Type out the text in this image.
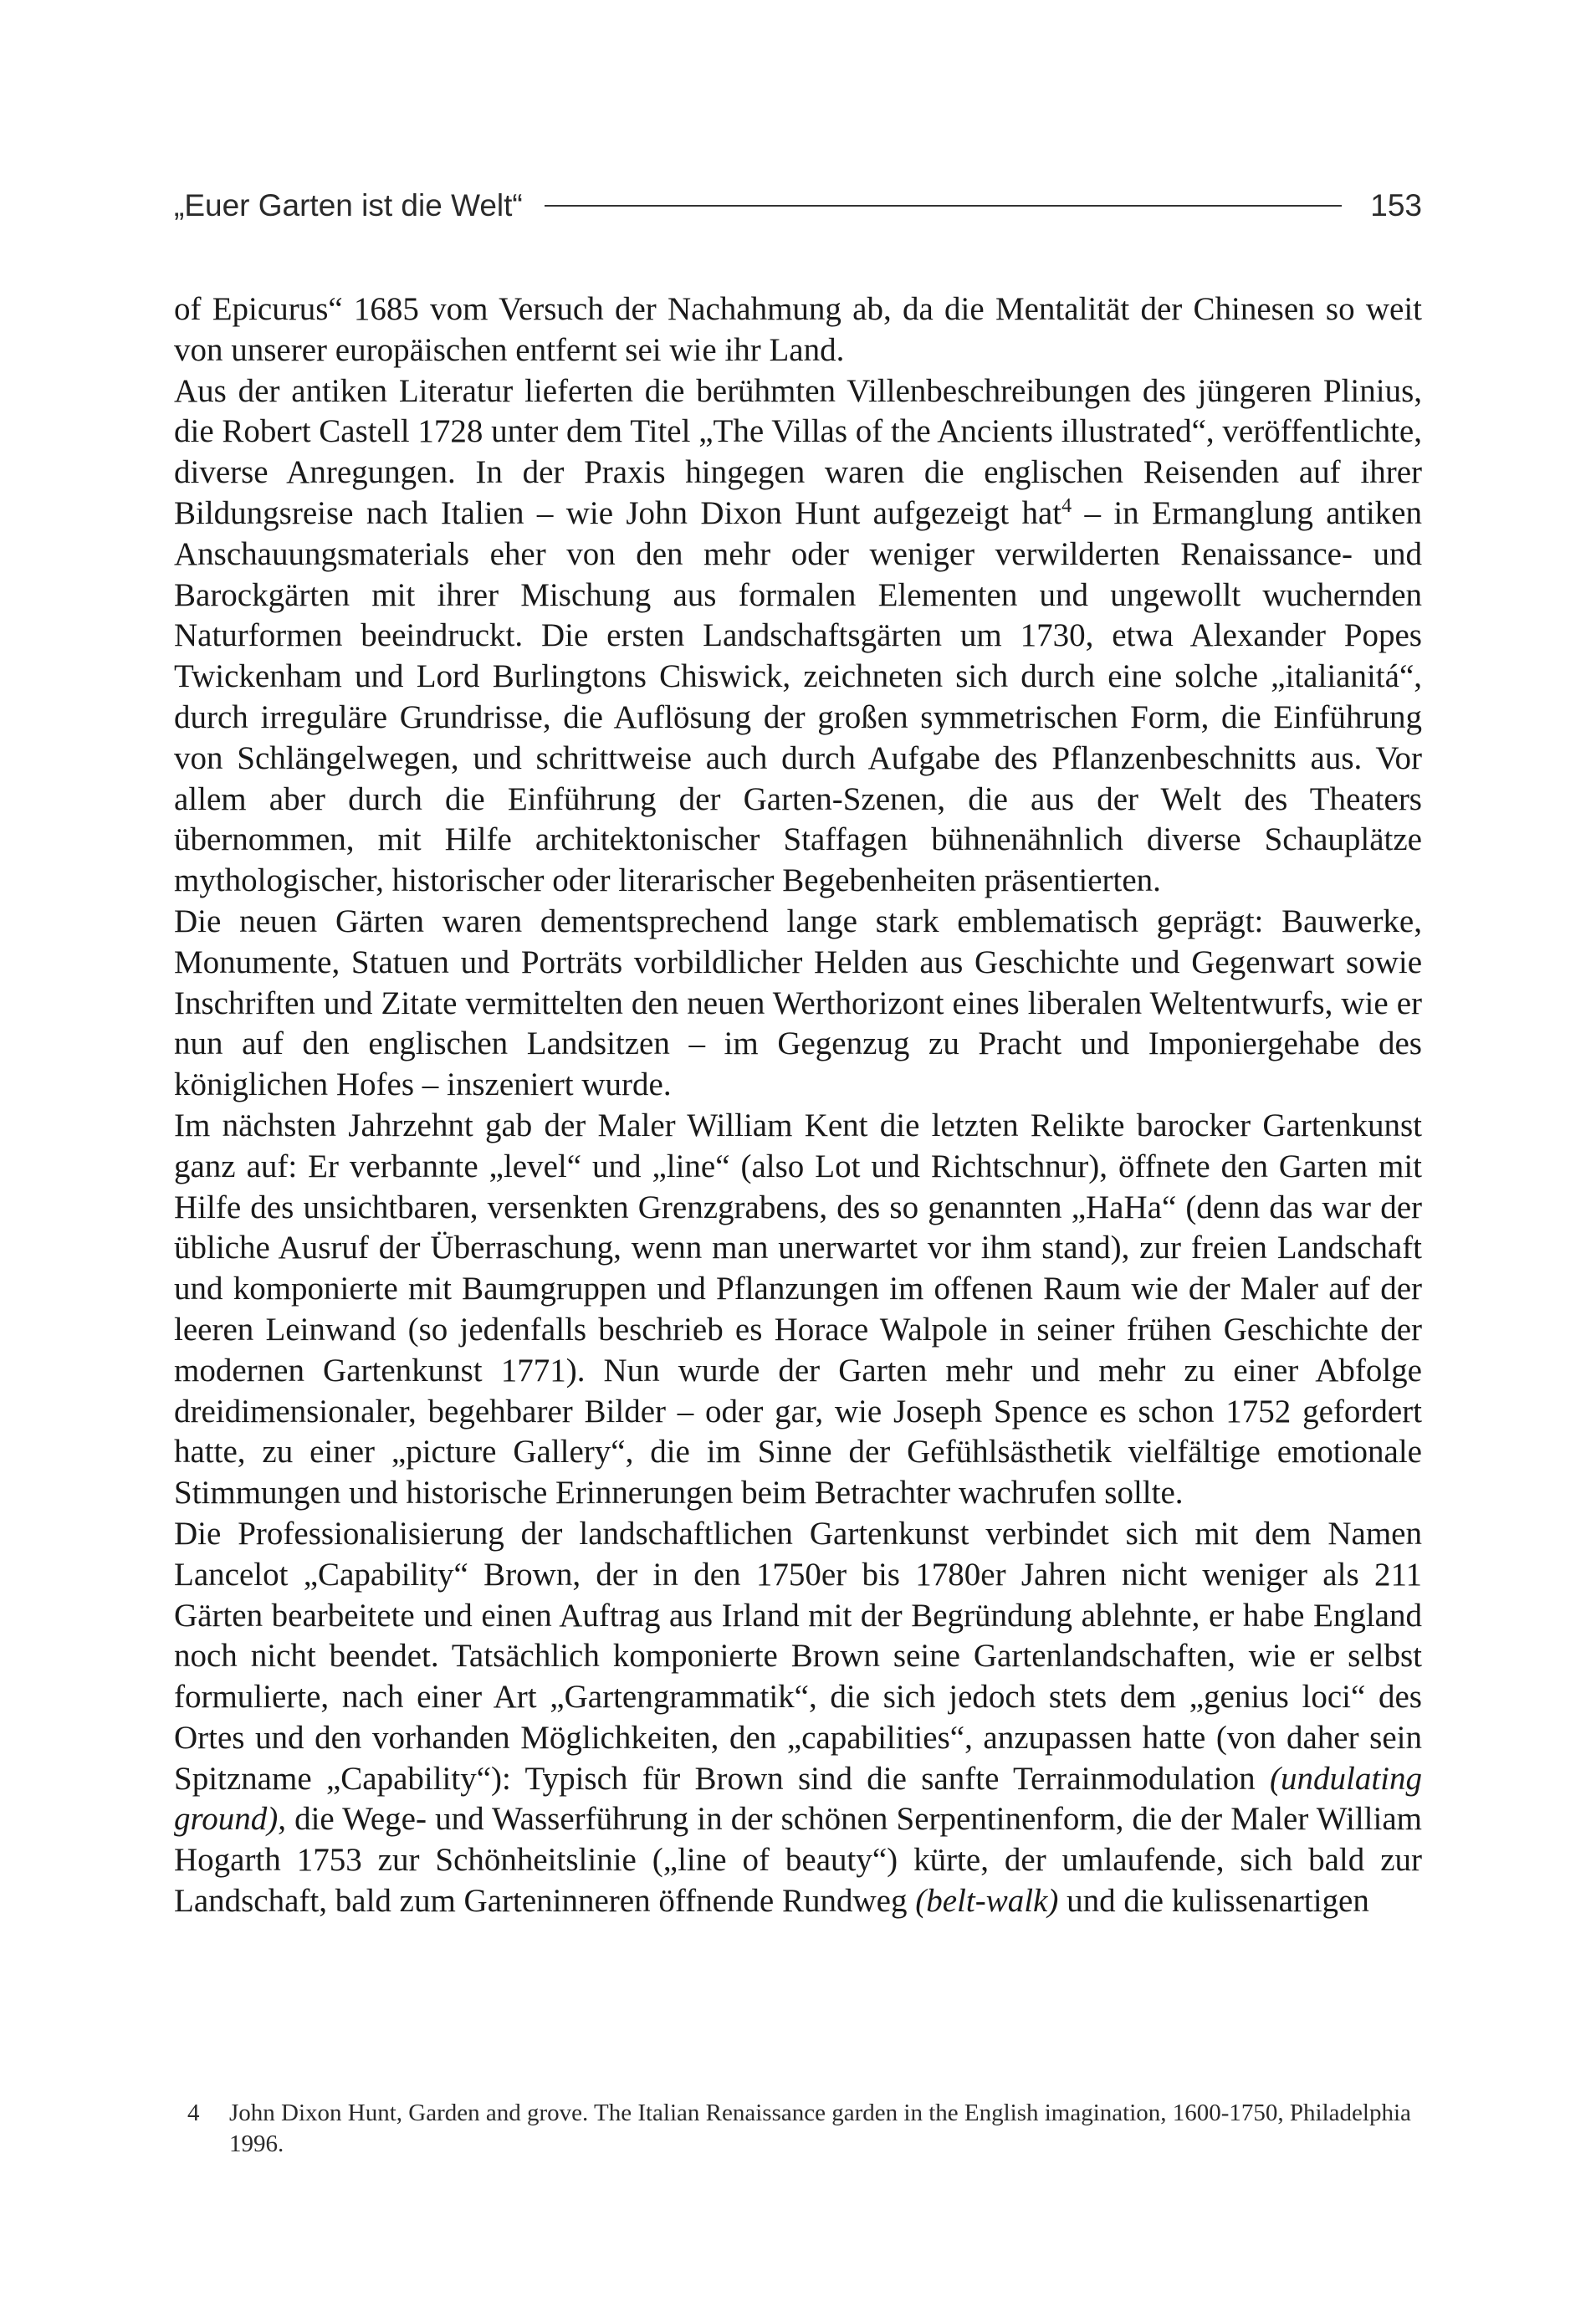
„Euer Garten ist die Welt“	153

of Epicurus“ 1685 vom Versuch der Nachahmung ab, da die Mentalität der Chinesen so weit von unserer europäischen entfernt sei wie ihr Land.

Aus der antiken Literatur lieferten die berühmten Villenbeschreibungen des jüngeren Plinius, die Robert Castell 1728 unter dem Titel „The Villas of the Ancients illustrated“, veröffentlichte, diverse Anregungen. In der Praxis hingegen waren die englischen Reisenden auf ihrer Bildungsreise nach Italien – wie John Dixon Hunt aufgezeigt hat$^4$ – in Ermanglung antiken Anschauungsmaterials eher von den mehr oder weniger verwilderten Renaissance- und Barockgärten mit ihrer Mischung aus formalen Elementen und ungewollt wuchernden Naturformen beeindruckt. Die ersten Landschaftsgärten um 1730, etwa Alexander Popes Twickenham und Lord Burlingtons Chiswick, zeichneten sich durch eine solche „italianitá“, durch irreguläre Grundrisse, die Auflösung der großen symmetrischen Form, die Einführung von Schlängelwegen, und schrittweise auch durch Aufgabe des Pflanzenbeschnitts aus. Vor allem aber durch die Einführung der Garten-Szenen, die aus der Welt des Theaters übernommen, mit Hilfe architektonischer Staffagen bühnenähnlich diverse Schauplätze mythologischer, historischer oder literarischer Begebenheiten präsentierten.

Die neuen Gärten waren dementsprechend lange stark emblematisch geprägt: Bauwerke, Monumente, Statuen und Porträts vorbildlicher Helden aus Geschichte und Gegenwart sowie Inschriften und Zitate vermittelten den neuen Werthorizont eines liberalen Weltentwurfs, wie er nun auf den englischen Landsitzen – im Gegenzug zu Pracht und Imponiergehabe des königlichen Hofes – inszeniert wurde.

Im nächsten Jahrzehnt gab der Maler William Kent die letzten Relikte barocker Gartenkunst ganz auf: Er verbannte „level“ und „line“ (also Lot und Richtschnur), öffnete den Garten mit Hilfe des unsichtbaren, versenkten Grenzgrabens, des so genannten „HaHa“ (denn das war der übliche Ausruf der Überraschung, wenn man unerwartet vor ihm stand), zur freien Landschaft und komponierte mit Baumgruppen und Pflanzungen im offenen Raum wie der Maler auf der leeren Leinwand (so jedenfalls beschrieb es Horace Walpole in seiner frühen Geschichte der modernen Gartenkunst 1771). Nun wurde der Garten mehr und mehr zu einer Abfolge dreidimensionaler, begehbarer Bilder – oder gar, wie Joseph Spence es schon 1752 gefordert hatte, zu einer „picture Gallery“, die im Sinne der Gefühlsästhetik vielfältige emotionale Stimmungen und historische Erinnerungen beim Betrachter wachrufen sollte.

Die Professionalisierung der landschaftlichen Gartenkunst verbindet sich mit dem Namen Lancelot „Capability“ Brown, der in den 1750er bis 1780er Jahren nicht weniger als 211 Gärten bearbeitete und einen Auftrag aus Irland mit der Begründung ablehnte, er habe England noch nicht beendet. Tatsächlich komponierte Brown seine Gartenlandschaften, wie er selbst formulierte, nach einer Art „Gartengrammatik“, die sich jedoch stets dem „genius loci“ des Ortes und den vorhanden Möglichkeiten, den „capabilities“, anzupassen hatte (von daher sein Spitzname „Capability“): Typisch für Brown sind die sanfte Terrainmodulation (undulating ground), die Wege- und Wasserführung in der schönen Serpentinenform, die der Maler William Hogarth 1753 zur Schönheitslinie („line of beauty“) kürte, der umlaufende, sich bald zur Landschaft, bald zum Garteninneren öffnende Rundweg (belt-walk) und die kulissenartigen

4	John Dixon Hunt, Garden and grove. The Italian Renaissance garden in the English imagination, 1600-1750, Philadelphia 1996.
